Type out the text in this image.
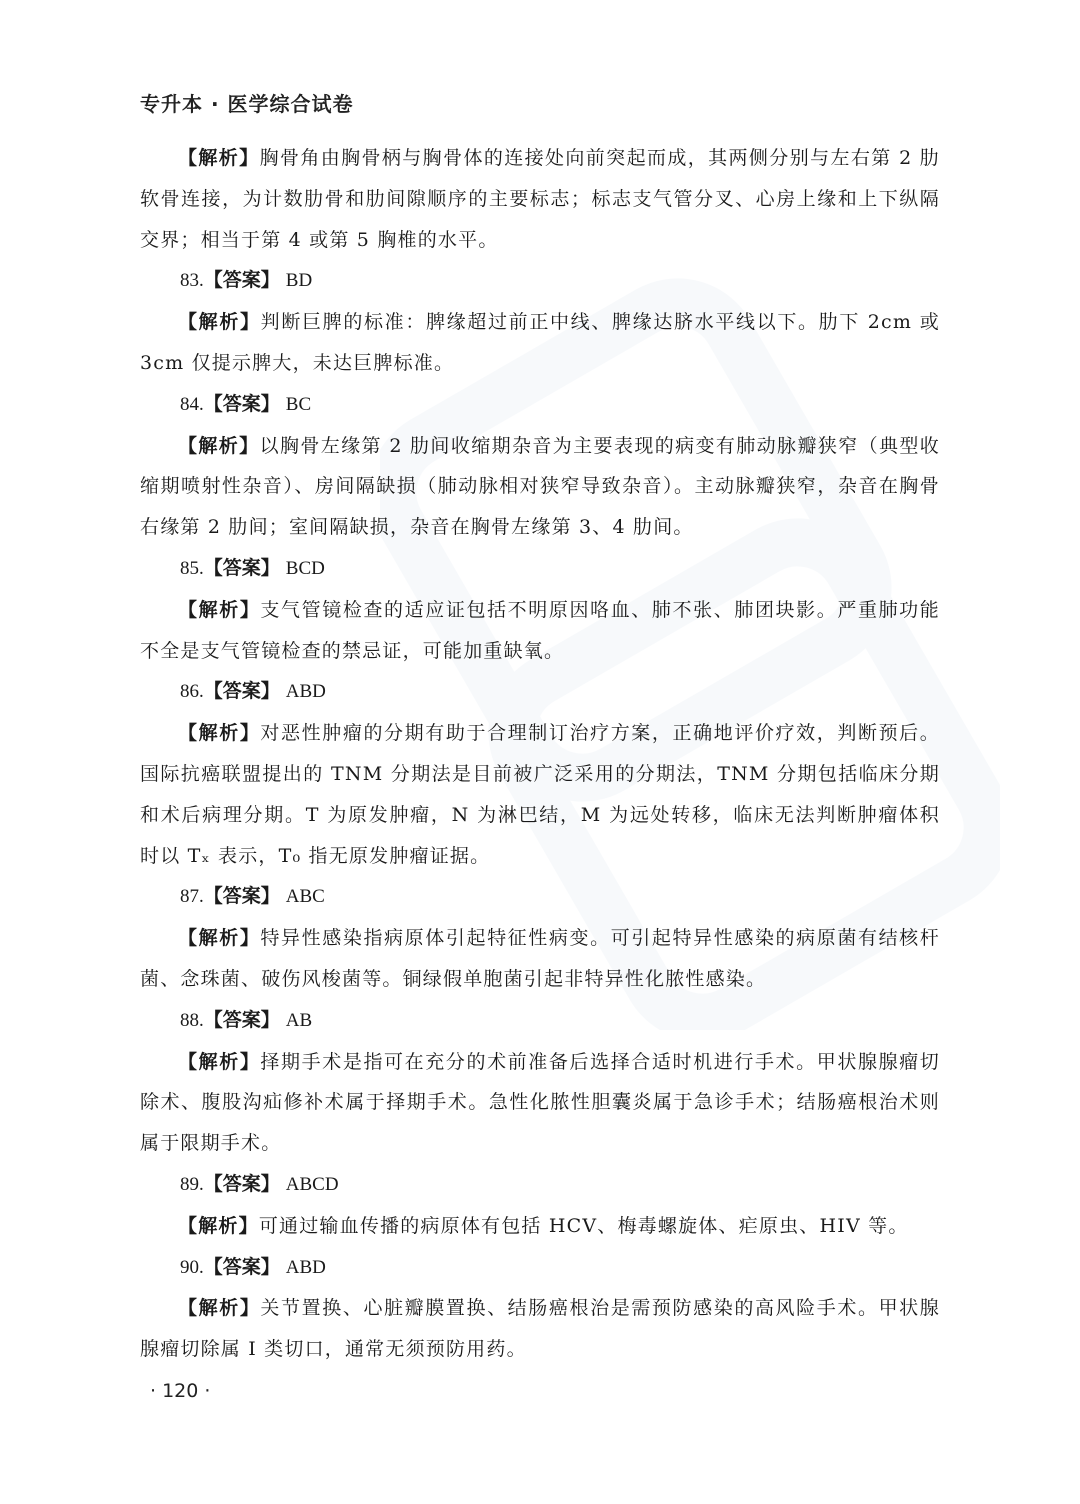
专升本 · 医学综合试卷
【解析】胸骨角由胸骨柄与胸骨体的连接处向前突起而成，其两侧分别与左右第 2 肋软骨连接，为计数肋骨和肋间隙顺序的主要标志；标志支气管分叉、心房上缘和上下纵隔交界；相当于第 4 或第 5 胸椎的水平。
83.【答案】 BD
【解析】判断巨脾的标准：脾缘超过前正中线、脾缘达脐水平线以下。肋下 2cm 或 3cm 仅提示脾大，未达巨脾标准。
84.【答案】 BC
【解析】以胸骨左缘第 2 肋间收缩期杂音为主要表现的病变有肺动脉瓣狭窄（典型收缩期喷射性杂音）、房间隔缺损（肺动脉相对狭窄导致杂音）。主动脉瓣狭窄，杂音在胸骨右缘第 2 肋间；室间隔缺损，杂音在胸骨左缘第 3、4 肋间。
85.【答案】 BCD
【解析】支气管镜检查的适应证包括不明原因咯血、肺不张、肺团块影。严重肺功能不全是支气管镜检查的禁忌证，可能加重缺氧。
86.【答案】 ABD
【解析】对恶性肿瘤的分期有助于合理制订治疗方案，正确地评价疗效，判断预后。国际抗癌联盟提出的 TNM 分期法是目前被广泛采用的分期法，TNM 分期包括临床分期和术后病理分期。T 为原发肿瘤，N 为淋巴结，M 为远处转移，临床无法判断肿瘤体积时以 Tₓ 表示，T₀ 指无原发肿瘤证据。
87.【答案】 ABC
【解析】特异性感染指病原体引起特征性病变。可引起特异性感染的病原菌有结核杆菌、念珠菌、破伤风梭菌等。铜绿假单胞菌引起非特异性化脓性感染。
88.【答案】 AB
【解析】择期手术是指可在充分的术前准备后选择合适时机进行手术。甲状腺腺瘤切除术、腹股沟疝修补术属于择期手术。急性化脓性胆囊炎属于急诊手术；结肠癌根治术则属于限期手术。
89.【答案】 ABCD
【解析】可通过输血传播的病原体有包括 HCV、梅毒螺旋体、疟原虫、HIV 等。
90.【答案】 ABD
【解析】关节置换、心脏瓣膜置换、结肠癌根治是需预防感染的高风险手术。甲状腺腺瘤切除属 Ⅰ 类切口，通常无须预防用药。
· 120 ·
